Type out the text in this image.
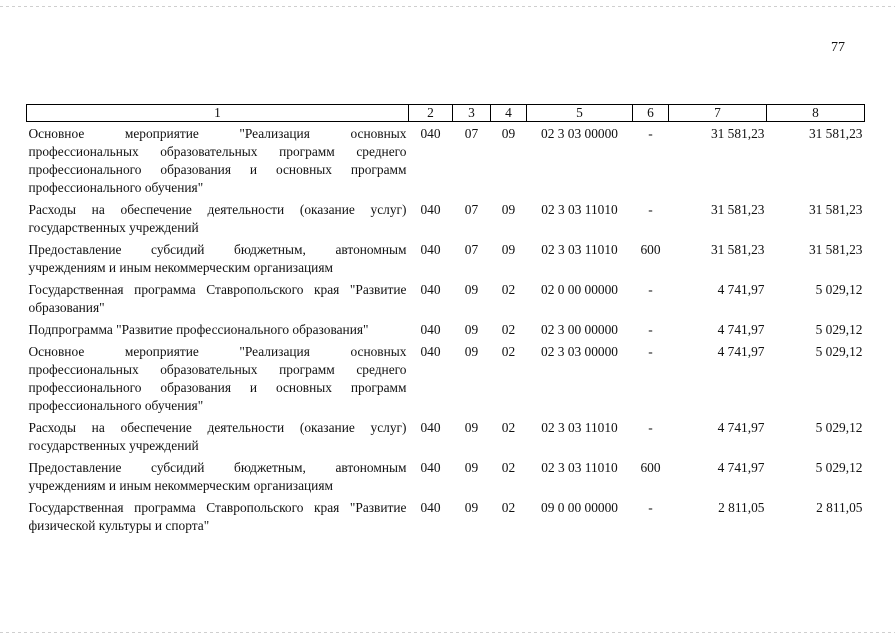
77
1	2	3	4	5	6	7	8
Основное мероприятие "Реализация основных профессиональных образовательных программ среднего профессионального образования и основных программ профессионального обучения"	040	07	09	02 3 03 00000	-	31 581,23	31 581,23
Расходы на обеспечение деятельности (оказание услуг) государственных учреждений	040	07	09	02 3 03 11010	-	31 581,23	31 581,23
Предоставление субсидий бюджетным, автономным учреждениям и иным некоммерческим организациям	040	07	09	02 3 03 11010	600	31 581,23	31 581,23
Государственная программа Ставропольского края "Развитие образования"	040	09	02	02 0 00 00000	-	4 741,97	5 029,12
Подпрограмма "Развитие профессионального образования"	040	09	02	02 3 00 00000	-	4 741,97	5 029,12
Основное мероприятие "Реализация основных профессиональных образовательных программ среднего профессионального образования и основных программ профессионального обучения"	040	09	02	02 3 03 00000	-	4 741,97	5 029,12
Расходы на обеспечение деятельности (оказание услуг) государственных учреждений	040	09	02	02 3 03 11010	-	4 741,97	5 029,12
Предоставление субсидий бюджетным, автономным учреждениям и иным некоммерческим организациям	040	09	02	02 3 03 11010	600	4 741,97	5 029,12
Государственная программа Ставропольского края "Развитие физической культуры и спорта"	040	09	02	09 0 00 00000	-	2 811,05	2 811,05
